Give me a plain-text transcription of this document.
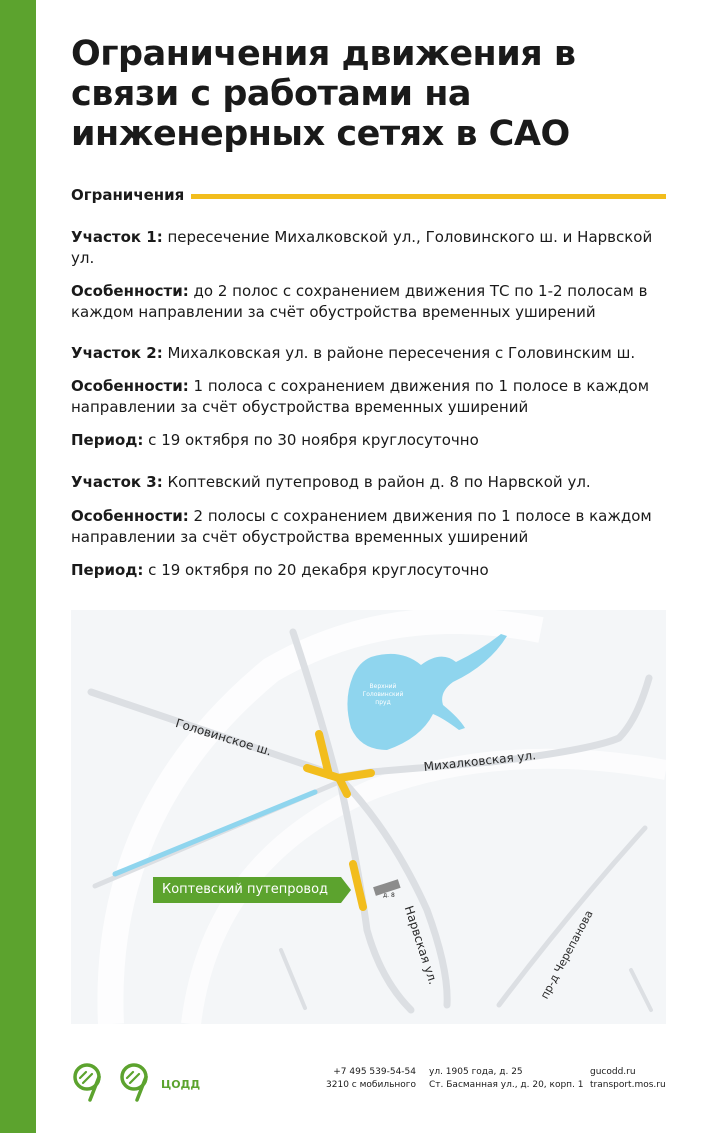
Ограничения движения в связи с работами на инженерных сетях в САО
Ограничения

Участок 1: пересечение Михалковской ул., Головинского ш. и Нарвской ул.

Особенности: до 2 полос с сохранением движения ТС по 1-2 полосам в каждом направлении за счёт обустройства временных уширений

Участок 2: Михалковская ул. в районе пересечения с Головинским ш.

Особенности: 1 полоса с сохранением движения по 1 полосе в каждом направлении за счёт обустройства временных уширений

Период: с 19 октября по 30 ноября круглосуточно

Участок 3: Коптевский путепровод в район д. 8 по Нарвской ул.

Особенности: 2 полосы с сохранением движения по 1 полосе в каждом направлении за счёт обустройства временных уширений

Период: с 19 октября по 20 декабря круглосуточно

Головинское ш.
Михалковская ул.
Нарвская ул.	пр-д Черепанова
Верхний Головинский пруд
д. 8
Коптевский путепровод
ЦОДД
+7 495 539-54-54
3210 с мобильного
ул. 1905 года, д. 25
Ст. Басманная ул., д. 20, корп. 1
gucodd.ru
transport.mos.ru
